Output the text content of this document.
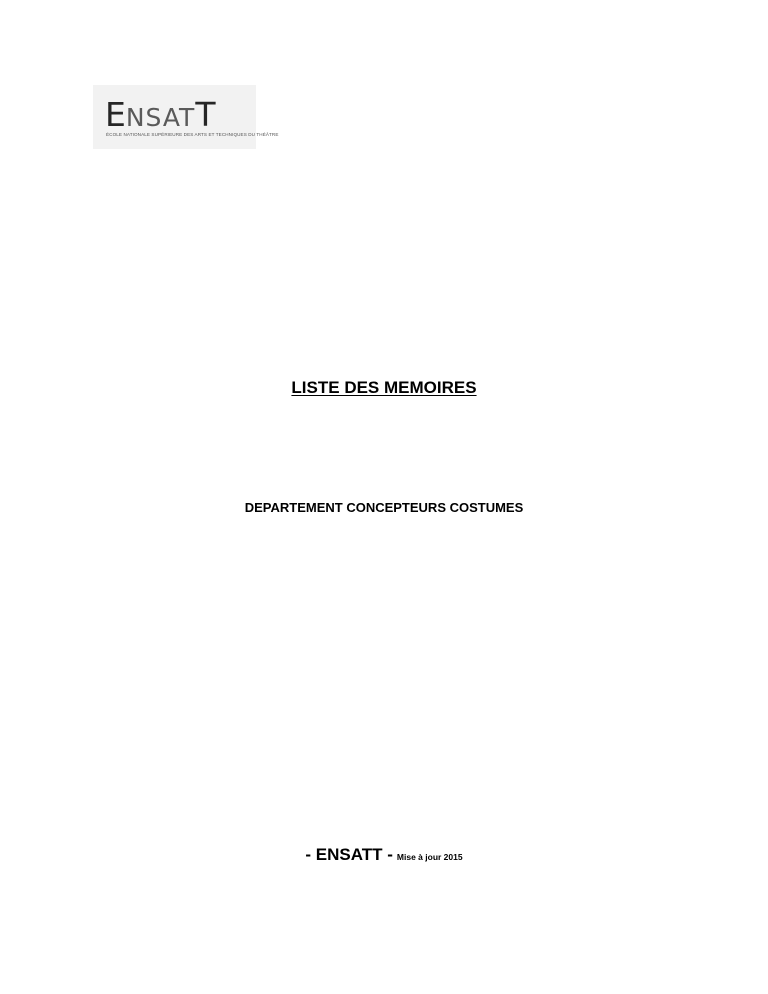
ENSATT
ÉCOLE NATIONALE SUPÉRIEURE DES ARTS ET TECHNIQUES DU THÉÂTRE
LISTE DES MEMOIRES
DEPARTEMENT CONCEPTEURS COSTUMES
- ENSATT - Mise à jour 2015
